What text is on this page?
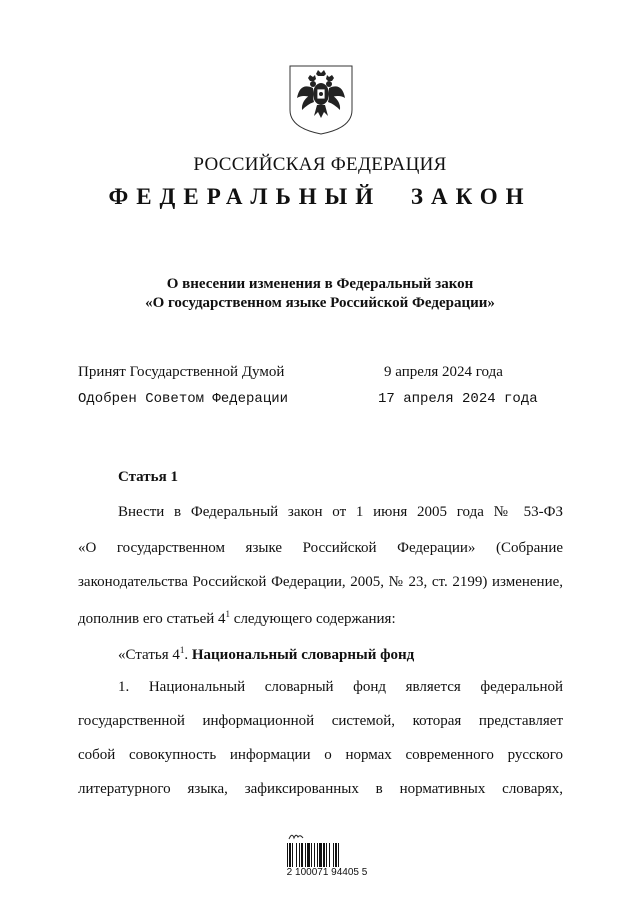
РОССИЙСКАЯ ФЕДЕРАЦИЯ
ФЕДЕРАЛЬНЫЙ ЗАКОН
О внесении изменения в Федеральный закон
«О государственном языке Российской Федерации»
Принят Государственной Думой	9 апреля 2024 года
Одобрен Советом Федерации	17 апреля 2024 года
Статья 1
Внести в Федеральный закон от 1 июня 2005 года № 53-ФЗ
«О государственном языке Российской Федерации» (Собрание
законодательства Российской Федерации, 2005, № 23, ст. 2199) изменение,
дополнив его статьей $4^1$ следующего содержания:
«Статья $4^1$. Национальный словарный фонд
1. Национальный словарный фонд является федеральной
государственной информационной системой, которая представляет
собой совокупность информации о нормах современного русского
литературного языка, зафиксированных в нормативных словарях,
2 100071 94405 5
